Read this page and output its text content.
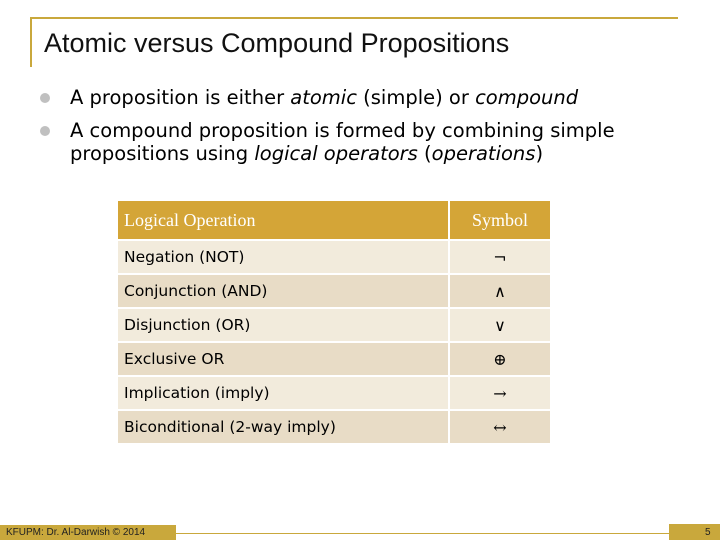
Atomic versus Compound Propositions
A proposition is either atomic (simple) or compound
A compound proposition is formed by combining simple propositions using logical operators (operations)
Logical Operation	Symbol
Negation (NOT)	¬
Conjunction (AND)	∧
Disjunction (OR)	∨
Exclusive OR	⊕
Implication (imply)	→
Biconditional (2-way imply)	↔
KFUPM: Dr. Al-Darwish © 2014	5
